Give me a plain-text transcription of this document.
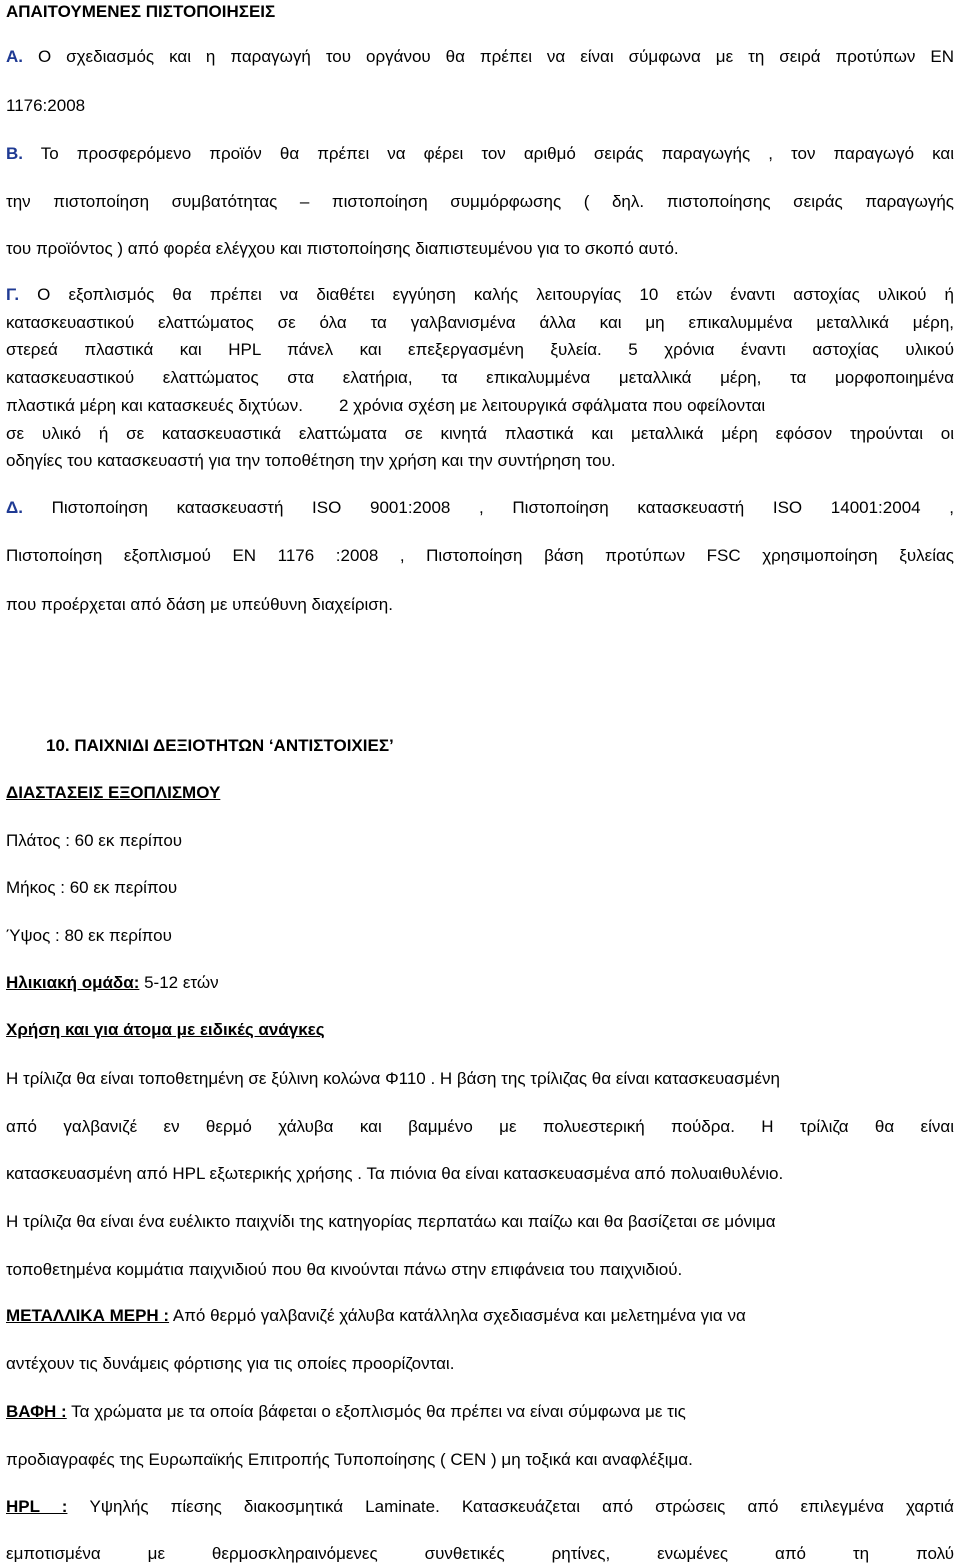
ΑΠΑΙΤΟΥΜΕΝΕΣ ΠΙΣΤΟΠΟΙΗΣΕΙΣ

Α. Ο σχεδιασμός και η παραγωγή του οργάνου θα πρέπει να είναι σύμφωνα με τη σειρά προτύπων ΕΝ

1176:2008

Β. Το προσφερόμενο προϊόν θα πρέπει να φέρει τον αριθμό σειράς παραγωγής , τον παραγωγό και

την πιστοποίηση συμβατότητας – πιστοποίηση συμμόρφωσης ( δηλ. πιστοποίησης σειράς παραγωγής

του προϊόντος ) από φορέα ελέγχου και πιστοποίησης διαπιστευμένου για το σκοπό αυτό.

Γ. Ο εξοπλισμός θα πρέπει να διαθέτει εγγύηση καλής λειτουργίας 10 ετών έναντι αστοχίας υλικού ή

κατασκευαστικού ελαττώματος σε όλα τα γαλβανισμένα άλλα και μη επικαλυμμένα μεταλλικά μέρη,

στερεά πλαστικά και HPL πάνελ και επεξεργασμένη ξυλεία. 5 χρόνια έναντι αστοχίας υλικού

κατασκευαστικού ελαττώματος στα ελατήρια, τα επικαλυμμένα μεταλλικά μέρη, τα μορφοποιημένα

πλαστικά μέρη και κατασκευές διχτύων. 2 χρόνια σχέση με λειτουργικά σφάλματα που οφείλονται

σε υλικό ή σε κατασκευαστικά ελαττώματα σε κινητά πλαστικά και μεταλλικά μέρη εφόσον τηρούνται οι

οδηγίες του κατασκευαστή για την τοποθέτηση την χρήση και την συντήρηση του.

Δ. Πιστοποίηση κατασκευαστή ISO 9001:2008 , Πιστοποίηση κατασκευαστή ISO 14001:2004 ,

Πιστοποίηση εξοπλισμού EN 1176 :2008 , Πιστοποίηση βάση προτύπων FSC χρησιμοποίηση ξυλείας

που προέρχεται από δάση με υπεύθυνη διαχείριση.

10. ΠΑΙΧΝΙΔΙ ΔΕΞΙΟΤΗΤΩΝ ‘ΑΝΤΙΣΤΟΙΧΙΕΣ’

ΔΙΑΣΤΑΣΕΙΣ ΕΞΟΠΛΙΣΜΟΥ

Πλάτος : 60 εκ περίπου

Μήκος : 60 εκ περίπου

Ύψος : 80 εκ περίπου

Ηλικιακή ομάδα: 5-12 ετών

Χρήση και για άτομα με ειδικές ανάγκες

Η τρίλιζα θα είναι τοποθετημένη σε ξύλινη κολώνα Φ110 . Η βάση της τρίλιζας θα είναι κατασκευασμένη

από γαλβανιζέ εν θερμό χάλυβα και βαμμένο με πολυεστερική πούδρα. Η τρίλιζα θα είναι

κατασκευασμένη από HPL εξωτερικής χρήσης . Τα πιόνια θα είναι κατασκευασμένα από πολυαιθυλένιο.

Η τρίλιζα θα είναι ένα ευέλικτο παιχνίδι της κατηγορίας περπατάω και παίζω και θα βασίζεται σε μόνιμα

τοποθετημένα κομμάτια παιχνιδιού που θα κινούνται πάνω στην επιφάνεια του παιχνιδιού.

ΜΕΤΑΛΛΙΚΑ ΜΕΡΗ : Από θερμό γαλβανιζέ χάλυβα κατάλληλα σχεδιασμένα και μελετημένα για να

αντέχουν τις δυνάμεις φόρτισης για τις οποίες προορίζονται.

ΒΑΦΗ : Τα χρώματα με τα οποία βάφεται ο εξοπλισμός θα πρέπει να είναι σύμφωνα με τις

προδιαγραφές της Ευρωπαϊκής Επιτροπής Τυποποίησης ( CEN ) μη τοξικά και αναφλέξιμα.

HPL : Υψηλής πίεσης διακοσμητικά Laminate. Κατασκευάζεται από στρώσεις από επιλεγμένα χαρτιά

εμποτισμένα με θερμοσκληραινόμενες συνθετικές ρητίνες, ενωμένες από τη πολύ
